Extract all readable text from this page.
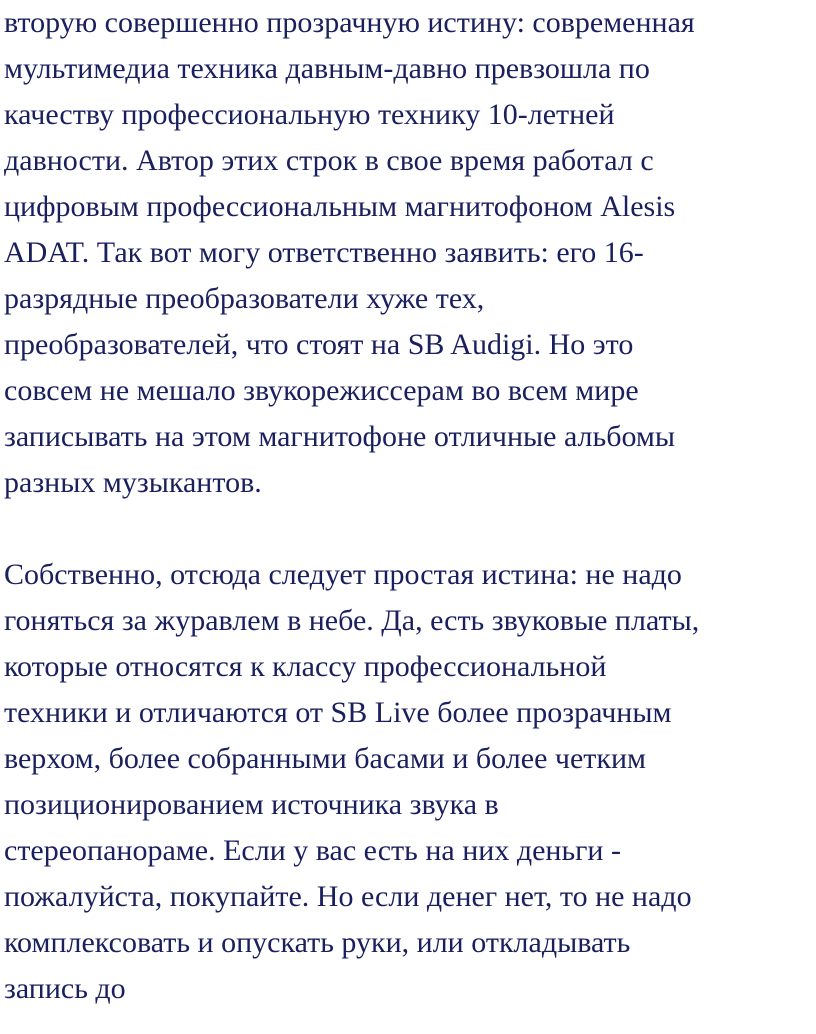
вторую совершенно прозрачную истину: современная
мультимедиа техника давным-давно превзошла по
качеству профессиональную технику 10-летней
давности. Автор этих строк в свое время работал с
цифровым профессиональным магнитофоном Alesis
ADAT. Так вот могу ответственно заявить: его 16-
разрядные преобразователи хуже тех,
преобразователей, что стоят на SB Audigi. Но это
совсем не мешало звукорежиссерам во всем мире
записывать на этом магнитофоне отличные альбомы
разных музыкантов.

Собственно, отсюда следует простая истина: не надо
гоняться за журавлем в небе. Да, есть звуковые платы,
которые относятся к классу профессиональной
техники и отличаются от SB Live более прозрачным
верхом, более собранными басами и более четким
позиционированием источника звука в
стереопанораме. Если у вас есть на них деньги -
пожалуйста, покупайте. Но если денег нет, то не надо
комплексовать и опускать руки, или откладывать
запись до
